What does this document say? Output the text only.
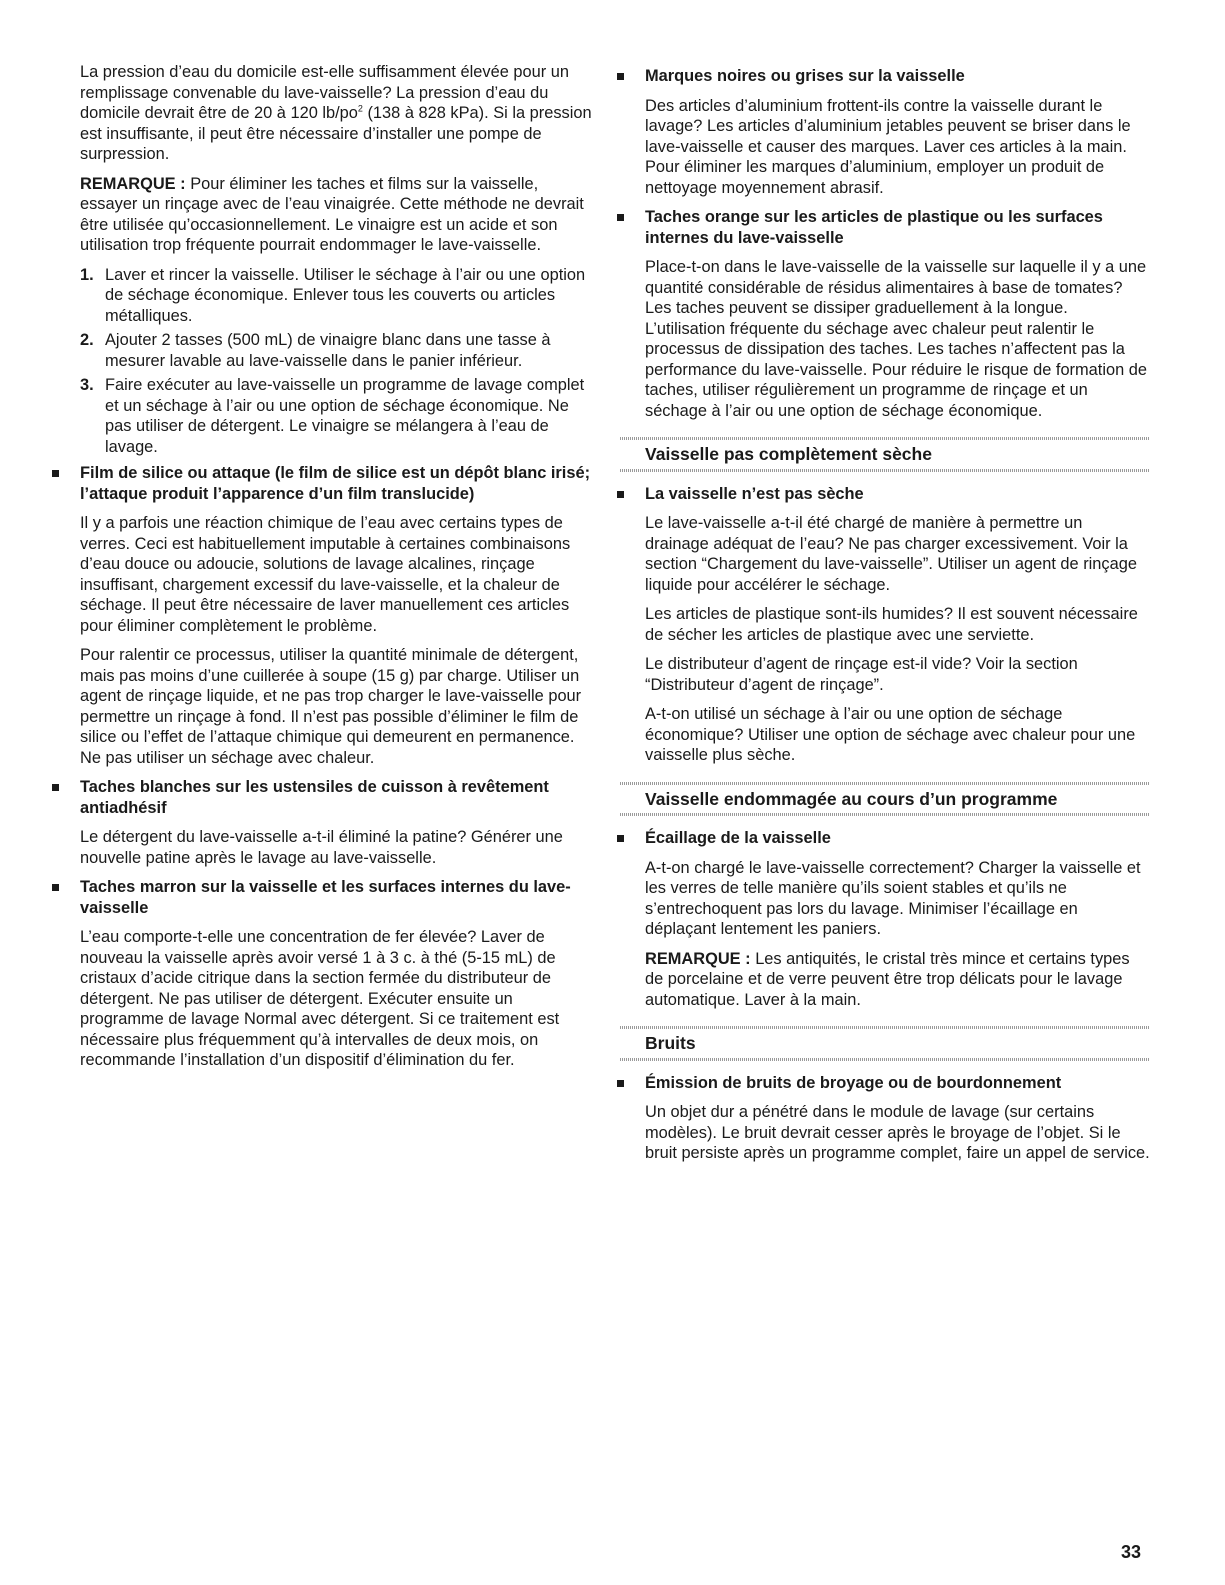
La pression d’eau du domicile est-elle suffisamment élevée pour un remplissage convenable du lave-vaisselle? La pression d’eau du domicile devrait être de 20 à 120 $lb/po^2$ (138 à 828 kPa). Si la pression est insuffisante, il peut être nécessaire d’installer une pompe de surpression.

REMARQUE : Pour éliminer les taches et films sur la vaisselle, essayer un rinçage avec de l’eau vinaigrée. Cette méthode ne devrait être utilisée qu’occasionnellement. Le vinaigre est un acide et son utilisation trop fréquente pourrait endommager le lave-vaisselle.

1. Laver et rincer la vaisselle. Utiliser le séchage à l’air ou une option de séchage économique. Enlever tous les couverts ou articles métalliques.
2. Ajouter 2 tasses (500 mL) de vinaigre blanc dans une tasse à mesurer lavable au lave-vaisselle dans le panier inférieur.
3. Faire exécuter au lave-vaisselle un programme de lavage complet et un séchage à l’air ou une option de séchage économique. Ne pas utiliser de détergent. Le vinaigre se mélangera à l’eau de lavage.
Film de silice ou attaque (le film de silice est un dépôt blanc irisé; l’attaque produit l’apparence d’un film translucide)

Il y a parfois une réaction chimique de l’eau avec certains types de verres. Ceci est habituellement imputable à certaines combinaisons d’eau douce ou adoucie, solutions de lavage alcalines, rinçage insuffisant, chargement excessif du lave-vaisselle, et la chaleur de séchage. Il peut être nécessaire de laver manuellement ces articles pour éliminer complètement le problème.

Pour ralentir ce processus, utiliser la quantité minimale de détergent, mais pas moins d’une cuillerée à soupe (15 g) par charge. Utiliser un agent de rinçage liquide, et ne pas trop charger le lave-vaisselle pour permettre un rinçage à fond. Il n’est pas possible d’éliminer le film de silice ou l’effet de l’attaque chimique qui demeurent en permanence. Ne pas utiliser un séchage avec chaleur.

Taches blanches sur les ustensiles de cuisson à revêtement antiadhésif

Le détergent du lave-vaisselle a-t-il éliminé la patine? Générer une nouvelle patine après le lavage au lave-vaisselle.

Taches marron sur la vaisselle et les surfaces internes du lave-vaisselle

L’eau comporte-t-elle une concentration de fer élevée? Laver de nouveau la vaisselle après avoir versé 1 à 3 c. à thé (5-15 mL) de cristaux d’acide citrique dans la section fermée du distributeur de détergent. Ne pas utiliser de détergent. Exécuter ensuite un programme de lavage Normal avec détergent. Si ce traitement est nécessaire plus fréquemment qu’à intervalles de deux mois, on recommande l’installation d’un dispositif d’élimination du fer.

Marques noires ou grises sur la vaisselle

Des articles d’aluminium frottent-ils contre la vaisselle durant le lavage? Les articles d’aluminium jetables peuvent se briser dans le lave-vaisselle et causer des marques. Laver ces articles à la main. Pour éliminer les marques d’aluminium, employer un produit de nettoyage moyennement abrasif.

Taches orange sur les articles de plastique ou les surfaces internes du lave-vaisselle

Place-t-on dans le lave-vaisselle de la vaisselle sur laquelle il y a une quantité considérable de résidus alimentaires à base de tomates? Les taches peuvent se dissiper graduellement à la longue. L’utilisation fréquente du séchage avec chaleur peut ralentir le processus de dissipation des taches. Les taches n’affectent pas la performance du lave-vaisselle. Pour réduire le risque de formation de taches, utiliser régulièrement un programme de rinçage et un séchage à l’air ou une option de séchage économique.

Vaisselle pas complètement sèche
La vaisselle n’est pas sèche

Le lave-vaisselle a-t-il été chargé de manière à permettre un drainage adéquat de l’eau? Ne pas charger excessivement. Voir la section “Chargement du lave-vaisselle”. Utiliser un agent de rinçage liquide pour accélérer le séchage.

Les articles de plastique sont-ils humides? Il est souvent nécessaire de sécher les articles de plastique avec une serviette.

Le distributeur d’agent de rinçage est-il vide? Voir la section “Distributeur d’agent de rinçage”.

A-t-on utilisé un séchage à l’air ou une option de séchage économique? Utiliser une option de séchage avec chaleur pour une vaisselle plus sèche.

Vaisselle endommagée au cours d’un programme
Écaillage de la vaisselle

A-t-on chargé le lave-vaisselle correctement? Charger la vaisselle et les verres de telle manière qu’ils soient stables et qu’ils ne s’entrechoquent pas lors du lavage. Minimiser l’écaillage en déplaçant lentement les paniers.

REMARQUE : Les antiquités, le cristal très mince et certains types de porcelaine et de verre peuvent être trop délicats pour le lavage automatique. Laver à la main.

Bruits
Émission de bruits de broyage ou de bourdonnement

Un objet dur a pénétré dans le module de lavage (sur certains modèles). Le bruit devrait cesser après le broyage de l’objet. Si le bruit persiste après un programme complet, faire un appel de service.

33
